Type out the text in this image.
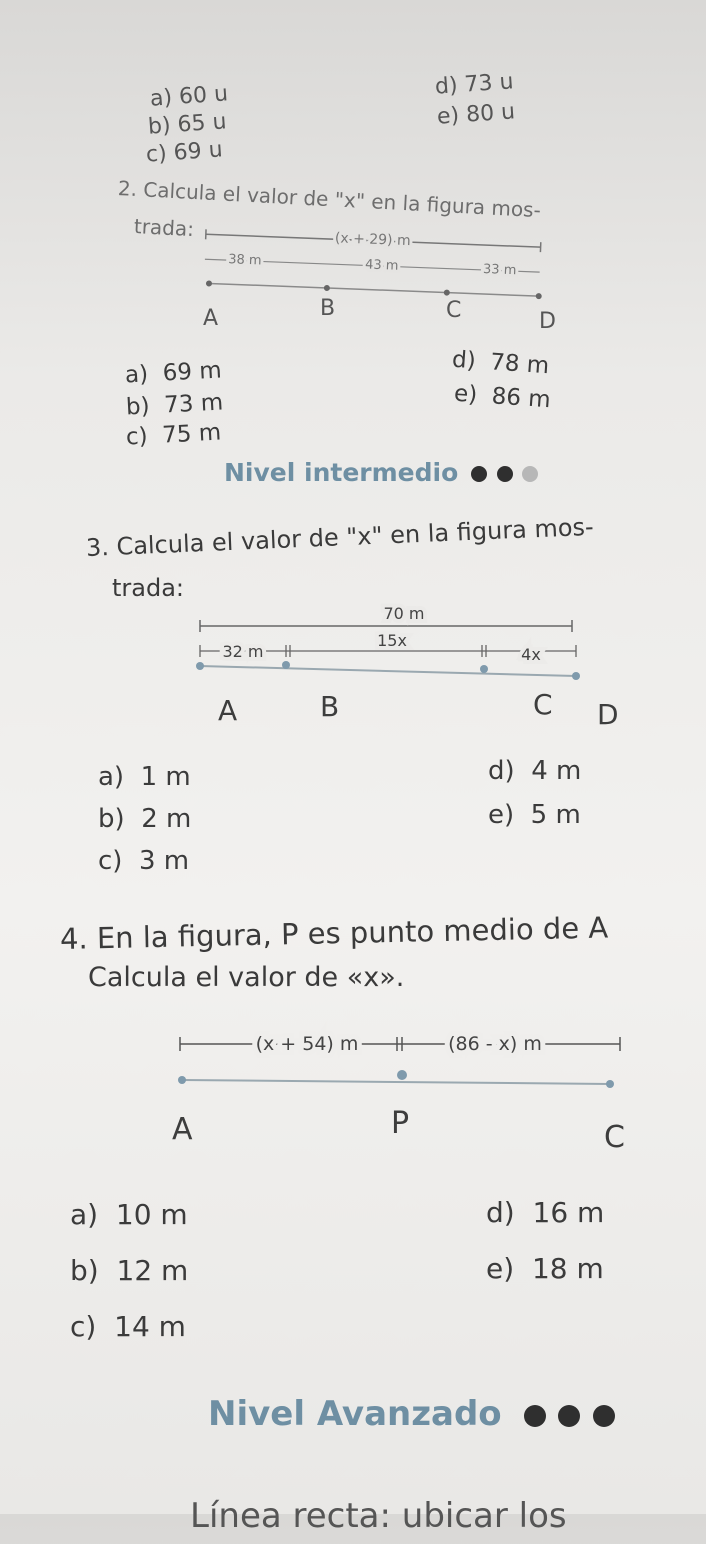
a) 60 u
b) 65 u
c) 69 u
d) 73 u
e) 80 u
2. Calcula el valor de "x" en la figura mos-
trada:	(x + 29) m
38 m	43 m	33 m
A	B	C	D
a) 69 m
b) 73 m
c) 75 m
d) 78 m
e) 86 m
Nivel intermedio
3. Calcula el valor de "x" en la figura mos-
trada:
70 m
32 m
15x
4x
A	B	C D
a) 1 m
b) 2 m
c) 3 m
d) 4 m
e) 5 m
4. En la figura, P es punto medio de A
Calcula el valor de «x».
(x + 54) m	(86 - x) m
A	P	C
a) 10 m
b) 12 m
c) 14 m
d) 16 m
e) 18 m
Nivel Avanzado
Línea recta: ubicar los
